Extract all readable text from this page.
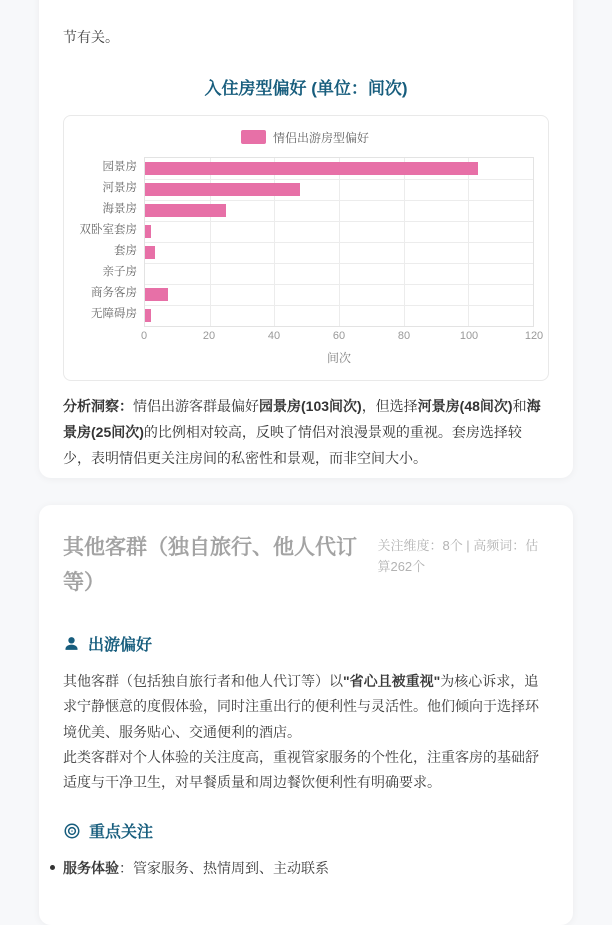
节有关。
入住房型偏好 (单位：间次)
情侣出游房型偏好
园景房
河景房
海景房
双卧室套房
套房
亲子房
商务客房
无障碍房
0	20	40	60	80	100	120
间次
分析洞察：情侣出游客群最偏好园景房(103间次)，但选择河景房(48间次)和海景房(25间次)的比例相对较高，反映了情侣对浪漫景观的重视。套房选择较少，表明情侣更关注房间的私密性和景观，而非空间大小。
其他客群（独自旅行、他人代订等）
关注维度：8个 | 高频词：估算262个
出游偏好

其他客群（包括独自旅行者和他人代订等）以"省心且被重视"为核心诉求，追求宁静惬意的度假体验，同时注重出行的便利性与灵活性。他们倾向于选择环境优美、服务贴心、交通便利的酒店。

此类客群对个人体验的关注度高，重视管家服务的个性化，注重客房的基础舒适度与干净卫生，对早餐质量和周边餐饮便利性有明确要求。

重点关注
服务体验：管家服务、热情周到、主动联系
